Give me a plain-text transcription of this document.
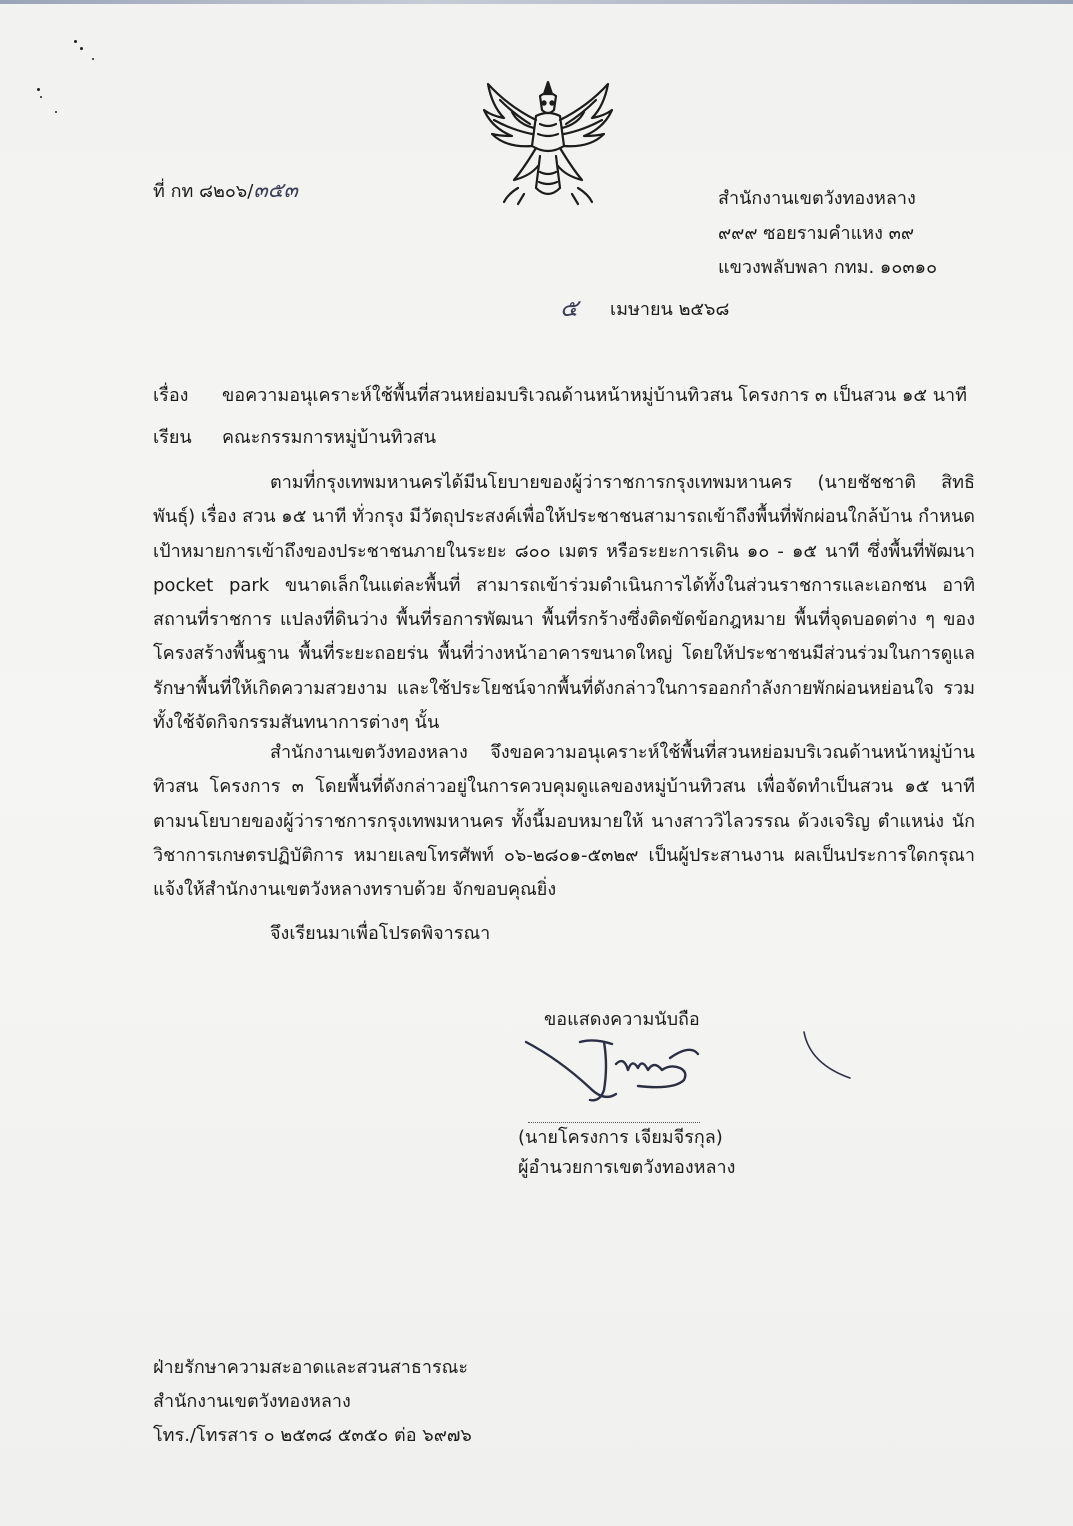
ที่ กท ๘๒๐๖/๓๕๓	สำนักงานเขตวังทองหลาง
๙๙๙ ซอยรามคำแหง ๓๙
แขวงพลับพลา กทม. ๑๐๓๑๐
๕ เมษายน ๒๕๖๘
เรื่อง ขอความอนุเคราะห์ใช้พื้นที่สวนหย่อมบริเวณด้านหน้าหมู่บ้านทิวสน โครงการ ๓ เป็นสวน ๑๕ นาที
เรียน คณะกรรมการหมู่บ้านทิวสน
ตามที่กรุงเทพมหานครได้มีนโยบายของผู้ว่าราชการกรุงเทพมหานคร (นายชัชชาติ สิทธิพันธุ์) เรื่อง สวน ๑๕ นาที ทั่วกรุง มีวัตถุประสงค์เพื่อให้ประชาชนสามารถเข้าถึงพื้นที่พักผ่อนใกล้บ้าน กำหนดเป้าหมายการเข้าถึงของประชาชนภายในระยะ ๘๐๐ เมตร หรือระยะการเดิน ๑๐ - ๑๕ นาที ซึ่งพื้นที่พัฒนา pocket park ขนาดเล็กในแต่ละพื้นที่ สามารถเข้าร่วมดำเนินการได้ทั้งในส่วนราชการและเอกชน อาทิ สถานที่ราชการ แปลงที่ดินว่าง พื้นที่รอการพัฒนา พื้นที่รกร้างซึ่งติดขัดข้อกฎหมาย พื้นที่จุดบอดต่าง ๆ ของโครงสร้างพื้นฐาน พื้นที่ระยะถอยร่น พื้นที่ว่างหน้าอาคารขนาดใหญ่ โดยให้ประชาชนมีส่วนร่วมในการดูแลรักษาพื้นที่ให้เกิดความสวยงาม และใช้ประโยชน์จากพื้นที่ดังกล่าวในการออกกำลังกายพักผ่อนหย่อนใจ รวมทั้งใช้จัดกิจกรรมสันทนาการต่างๆ นั้น
สำนักงานเขตวังทองหลาง จึงขอความอนุเคราะห์ใช้พื้นที่สวนหย่อมบริเวณด้านหน้าหมู่บ้านทิวสน โครงการ ๓ โดยพื้นที่ดังกล่าวอยู่ในการควบคุมดูแลของหมู่บ้านทิวสน เพื่อจัดทำเป็นสวน ๑๕ นาที ตามนโยบายของผู้ว่าราชการกรุงเทพมหานคร ทั้งนี้มอบหมายให้ นางสาววิไลวรรณ ด้วงเจริญ ตำแหน่ง นักวิชาการเกษตรปฏิบัติการ หมายเลขโทรศัพท์ ๐๖-๒๘๐๑-๕๓๒๙ เป็นผู้ประสานงาน ผลเป็นประการใดกรุณาแจ้งให้สำนักงานเขตวังหลางทราบด้วย จักขอบคุณยิ่ง
จึงเรียนมาเพื่อโปรดพิจารณา
ขอแสดงความนับถือ
(นายโครงการ เจียมจีรกุล)
ผู้อำนวยการเขตวังทองหลาง
ฝ่ายรักษาความสะอาดและสวนสาธารณะ
สำนักงานเขตวังทองหลาง
โทร./โทรสาร ๐ ๒๕๓๘ ๕๓๕๐ ต่อ ๖๙๗๖
